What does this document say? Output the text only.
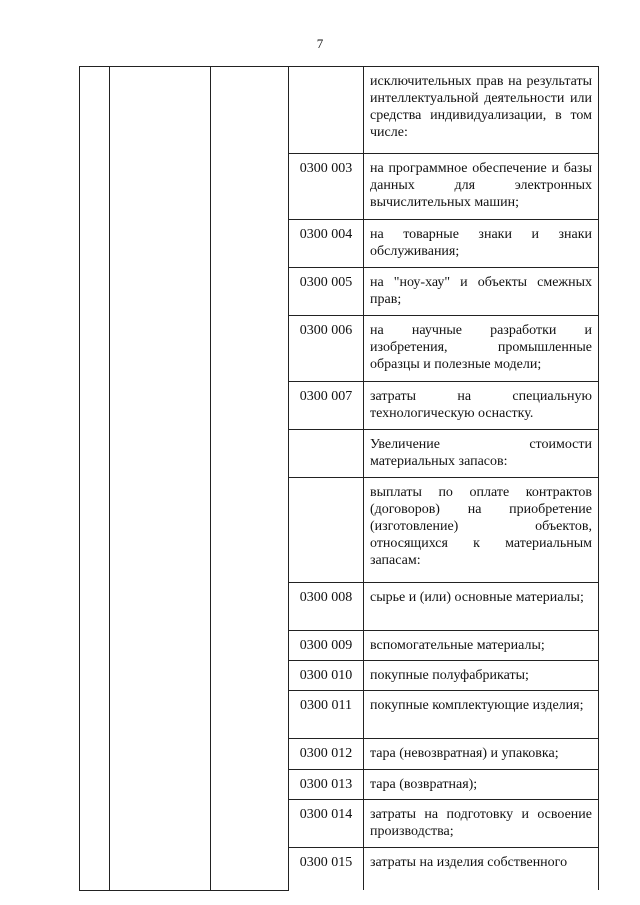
7
				исключительных прав на результаты интеллектуальной деятельности или средства индивидуализации, в том числе:
			0300 003	на программное обеспечение и базы данных для электронных вычислительных машин;
			0300 004	на товарные знаки и знаки обслуживания;
			0300 005	на "ноу-хау" и объекты смежных прав;
			0300 006	на научные разработки и изобретения, промышленные образцы и полезные модели;
			0300 007	затраты на специальную технологическую оснастку.
				Увеличение стоимости материальных запасов:
				выплаты по оплате контрактов (договоров) на приобретение (изготовление) объектов, относящихся к материальным запасам:
			0300 008	сырье и (или) основные материалы;
			0300 009	вспомогательные материалы;
			0300 010	покупные полуфабрикаты;
			0300 011	покупные комплектующие изделия;
			0300 012	тара (невозвратная) и упаковка;
			0300 013	тара (возвратная);
			0300 014	затраты на подготовку и освоение производства;
			0300 015	затраты на изделия собственного
